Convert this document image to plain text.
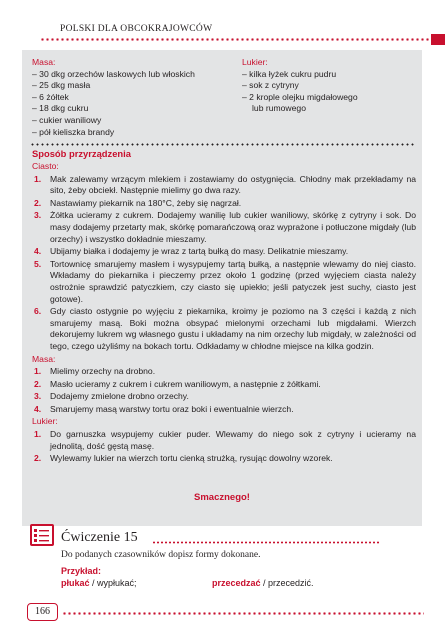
POLSKI DLA OBCOKRAJOWCÓW
Masa:
– 30 dkg orzechów laskowych lub włoskich
– 25 dkg masła
– 6 żółtek
– 18 dkg cukru
– cukier waniliowy
– pół kieliszka brandy
Lukier:
– kilka łyżek cukru pudru
– sok z cytryny
– 2 krople olejku migdałowego
lub rumowego
Sposób przyrządzenia
Ciasto:
1. Mak zalewamy wrzącym mlekiem i zostawiamy do ostygnięcia. Chłodny mak przekładamy na sito, żeby obciekł. Następnie mielimy go dwa razy.
2. Nastawiamy piekarnik na 180°C, żeby się nagrzał.
3. Żółtka ucieramy z cukrem. Dodajemy wanilię lub cukier waniliowy, skórkę z cytryny i sok. Do masy dodajemy przetarty mak, skórkę pomarańczową oraz wyprażone i potłuczone migdały (lub orzechy) i wszystko dokładnie mieszamy.
4. Ubijamy białka i dodajemy je wraz z tartą bułką do masy. Delikatnie mieszamy.
5. Tortownicę smarujemy masłem i wysypujemy tartą bułką, a następnie wlewamy do niej ciasto. Wkładamy do piekarnika i pieczemy przez około 1 godzinę (przed wyjęciem ciasta należy ostrożnie sprawdzić patyczkiem, czy ciasto się upiekło; jeśli patyczek jest suchy, ciasto jest gotowe).
6. Gdy ciasto ostygnie po wyjęciu z piekarnika, kroimy je poziomo na 3 części i każdą z nich smarujemy masą. Boki można obsypać mielonymi orzechami lub migdałami. Wierzch dekorujemy lukrem wg własnego gustu i układamy na nim orzechy lub migdały, w zależności od tego, czego użyliśmy na bokach tortu. Odkładamy w chłodne miejsce na kilka godzin.
Masa:
1. Mielimy orzechy na drobno.
2. Masło ucieramy z cukrem i cukrem waniliowym, a następnie z żółtkami.
3. Dodajemy zmielone drobno orzechy.
4. Smarujemy masą warstwy tortu oraz boki i ewentualnie wierzch.
Lukier:
1. Do garnuszka wsypujemy cukier puder. Wlewamy do niego sok z cytryny i ucieramy na jednolitą, dość gęstą masę.
2. Wylewamy lukier na wierzch tortu cienką strużką, rysując dowolny wzorek.
Smacznego!
Ćwiczenie 15
Do podanych czasowników dopisz formy dokonane.
Przykład:
płukać / wypłukać;	przecedzać / przecedzić.
166
